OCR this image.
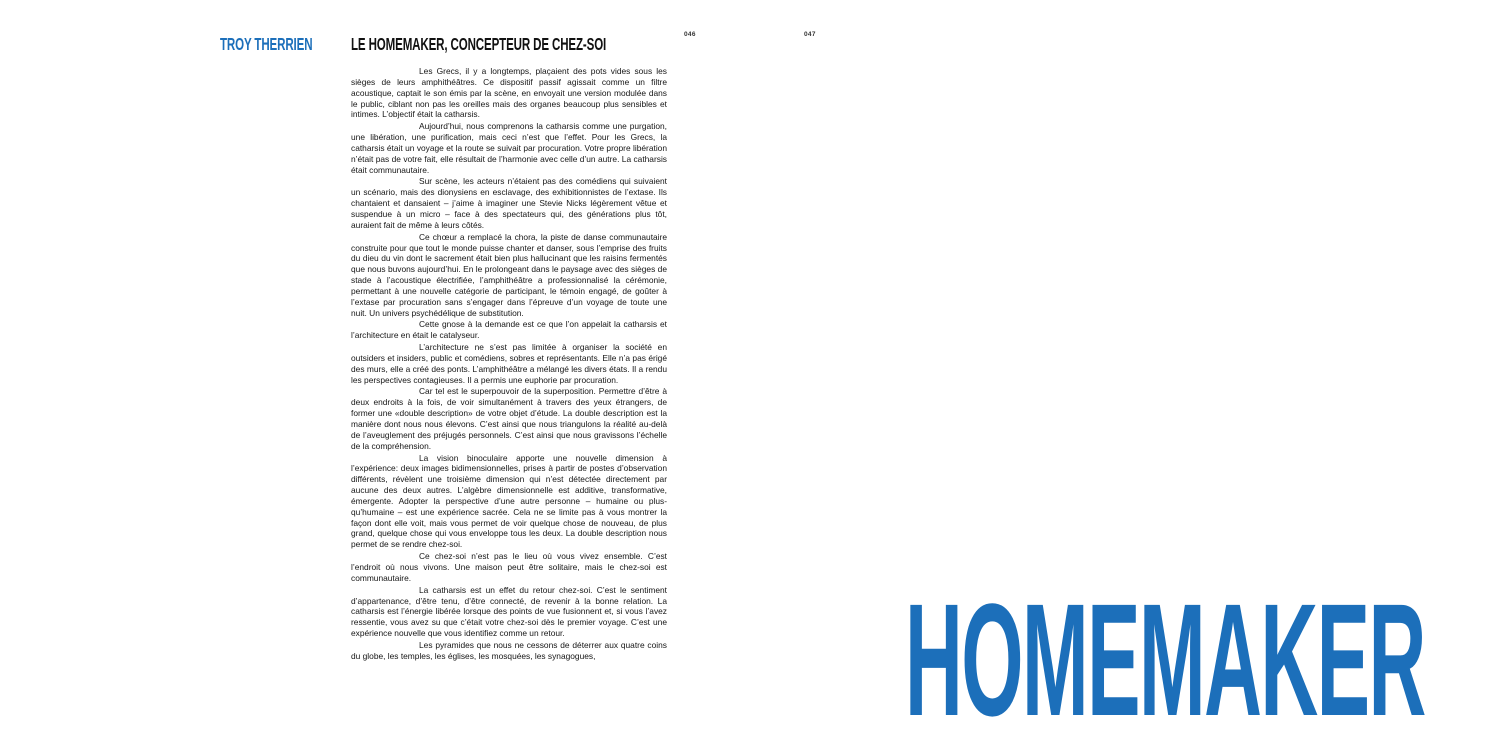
TROY THERRIEN LE HOMEMAKER, CONCEPTEUR DE CHEZ-SOI	046	047

Les Grecs, il y a longtemps, plaçaient des pots vides sous les sièges de leurs amphithéâtres. Ce dispositif passif agissait comme un filtre acoustique, captait le son émis par la scène, en envoyait une version modulée dans le public, ciblant non pas les oreilles mais des organes beaucoup plus sensibles et intimes. L’objectif était la catharsis.

Aujourd’hui, nous comprenons la catharsis comme une purgation, une libération, une purification, mais ceci n’est que l’effet. Pour les Grecs, la catharsis était un voyage et la route se suivait par procuration. Votre propre libération n’était pas de votre fait, elle résultait de l’harmonie avec celle d’un autre. La catharsis était communautaire.

Sur scène, les acteurs n’étaient pas des comédiens qui suivaient un scénario, mais des dionysiens en esclavage, des exhibitionnistes de l’extase. Ils chantaient et dansaient – j’aime à imaginer une Stevie Nicks légèrement vêtue et suspendue à un micro – face à des spectateurs qui, des générations plus tôt, auraient fait de même à leurs côtés.

Ce chœur a remplacé la chora, la piste de danse communautaire construite pour que tout le monde puisse chanter et danser, sous l’emprise des fruits du dieu du vin dont le sacrement était bien plus hallucinant que les raisins fermentés que nous buvons aujourd’hui. En le prolongeant dans le paysage avec des sièges de stade à l’acoustique électrifiée, l’amphithéâtre a professionnalisé la cérémonie, permettant à une nouvelle catégorie de participant, le témoin engagé, de goûter à l’extase par procuration sans s’engager dans l’épreuve d’un voyage de toute une nuit. Un univers psychédélique de substitution.

Cette gnose à la demande est ce que l’on appelait la catharsis et l’architecture en était le catalyseur.

L’architecture ne s’est pas limitée à organiser la société en outsiders et insiders, public et comédiens, sobres et représentants. Elle n’a pas érigé des murs, elle a créé des ponts. L’amphithéâtre a mélangé les divers états. Il a rendu les perspectives contagieuses. Il a permis une euphorie par procuration.

Car tel est le superpouvoir de la superposition. Permettre d’être à deux endroits à la fois, de voir simultanément à travers des yeux étrangers, de former une «double description» de votre objet d’étude. La double description est la manière dont nous nous élevons. C’est ainsi que nous triangulons la réalité au-delà de l’aveuglement des préjugés personnels. C’est ainsi que nous gravissons l’échelle de la compréhension.

La vision binoculaire apporte une nouvelle dimension à l’expérience: deux images bidimensionnelles, prises à partir de postes d’observation différents, révèlent une troisième dimension qui n’est détectée directement par aucune des deux autres. L’algèbre dimensionnelle est additive, transformative, émergente. Adopter la perspective d’une autre personne – humaine ou plus-qu’humaine – est une expérience sacrée. Cela ne se limite pas à vous montrer la façon dont elle voit, mais vous permet de voir quelque chose de nouveau, de plus grand, quelque chose qui vous enveloppe tous les deux. La double description nous permet de se rendre chez-soi.

Ce chez-soi n’est pas le lieu où vous vivez ensemble. C’est l’endroit où nous vivons. Une maison peut être solitaire, mais le chez-soi est communautaire.

La catharsis est un effet du retour chez-soi. C’est le sentiment d’appartenance, d’être tenu, d’être connecté, de revenir à la bonne relation. La catharsis est l’énergie libérée lorsque des points de vue fusionnent et, si vous l’avez ressentie, vous avez su que c’était votre chez-soi dès le premier voyage. C’est une expérience nouvelle que vous identifiez comme un retour.

Les pyramides que nous ne cessons de déterrer aux quatre coins du globe, les temples, les églises, les mosquées, les synagogues,	HOMEMAKER
